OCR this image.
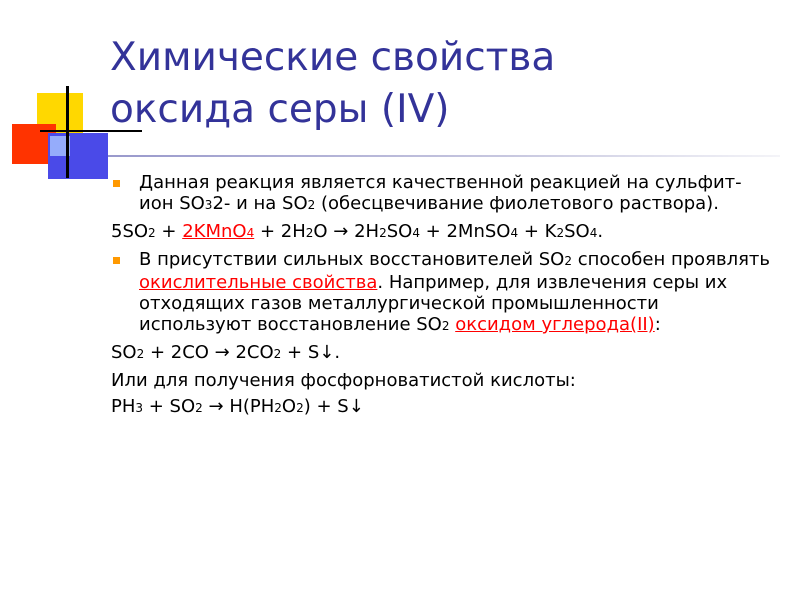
Химические свойства
оксида серы (IV)
Данная реакция является качественной реакцией на сульфит-ион SO32- и на SO2 (обесцвечивание фиолетового раствора).
5SO2 + 2KMnO4 + 2H2O → 2H2SO4 + 2MnSO4 + K2SO4.
В присутствии сильных восстановителей SO2 способен проявлять окислительные свойства. Например, для извлечения серы их отходящих газов металлургической промышленности используют восстановление SO2 оксидом углерода(II):
SO2 + 2CO → 2CO2 + S↓.
Или для получения фосфорноватистой кислоты:
PH3 + SO2 → H(PH2O2) + S↓
